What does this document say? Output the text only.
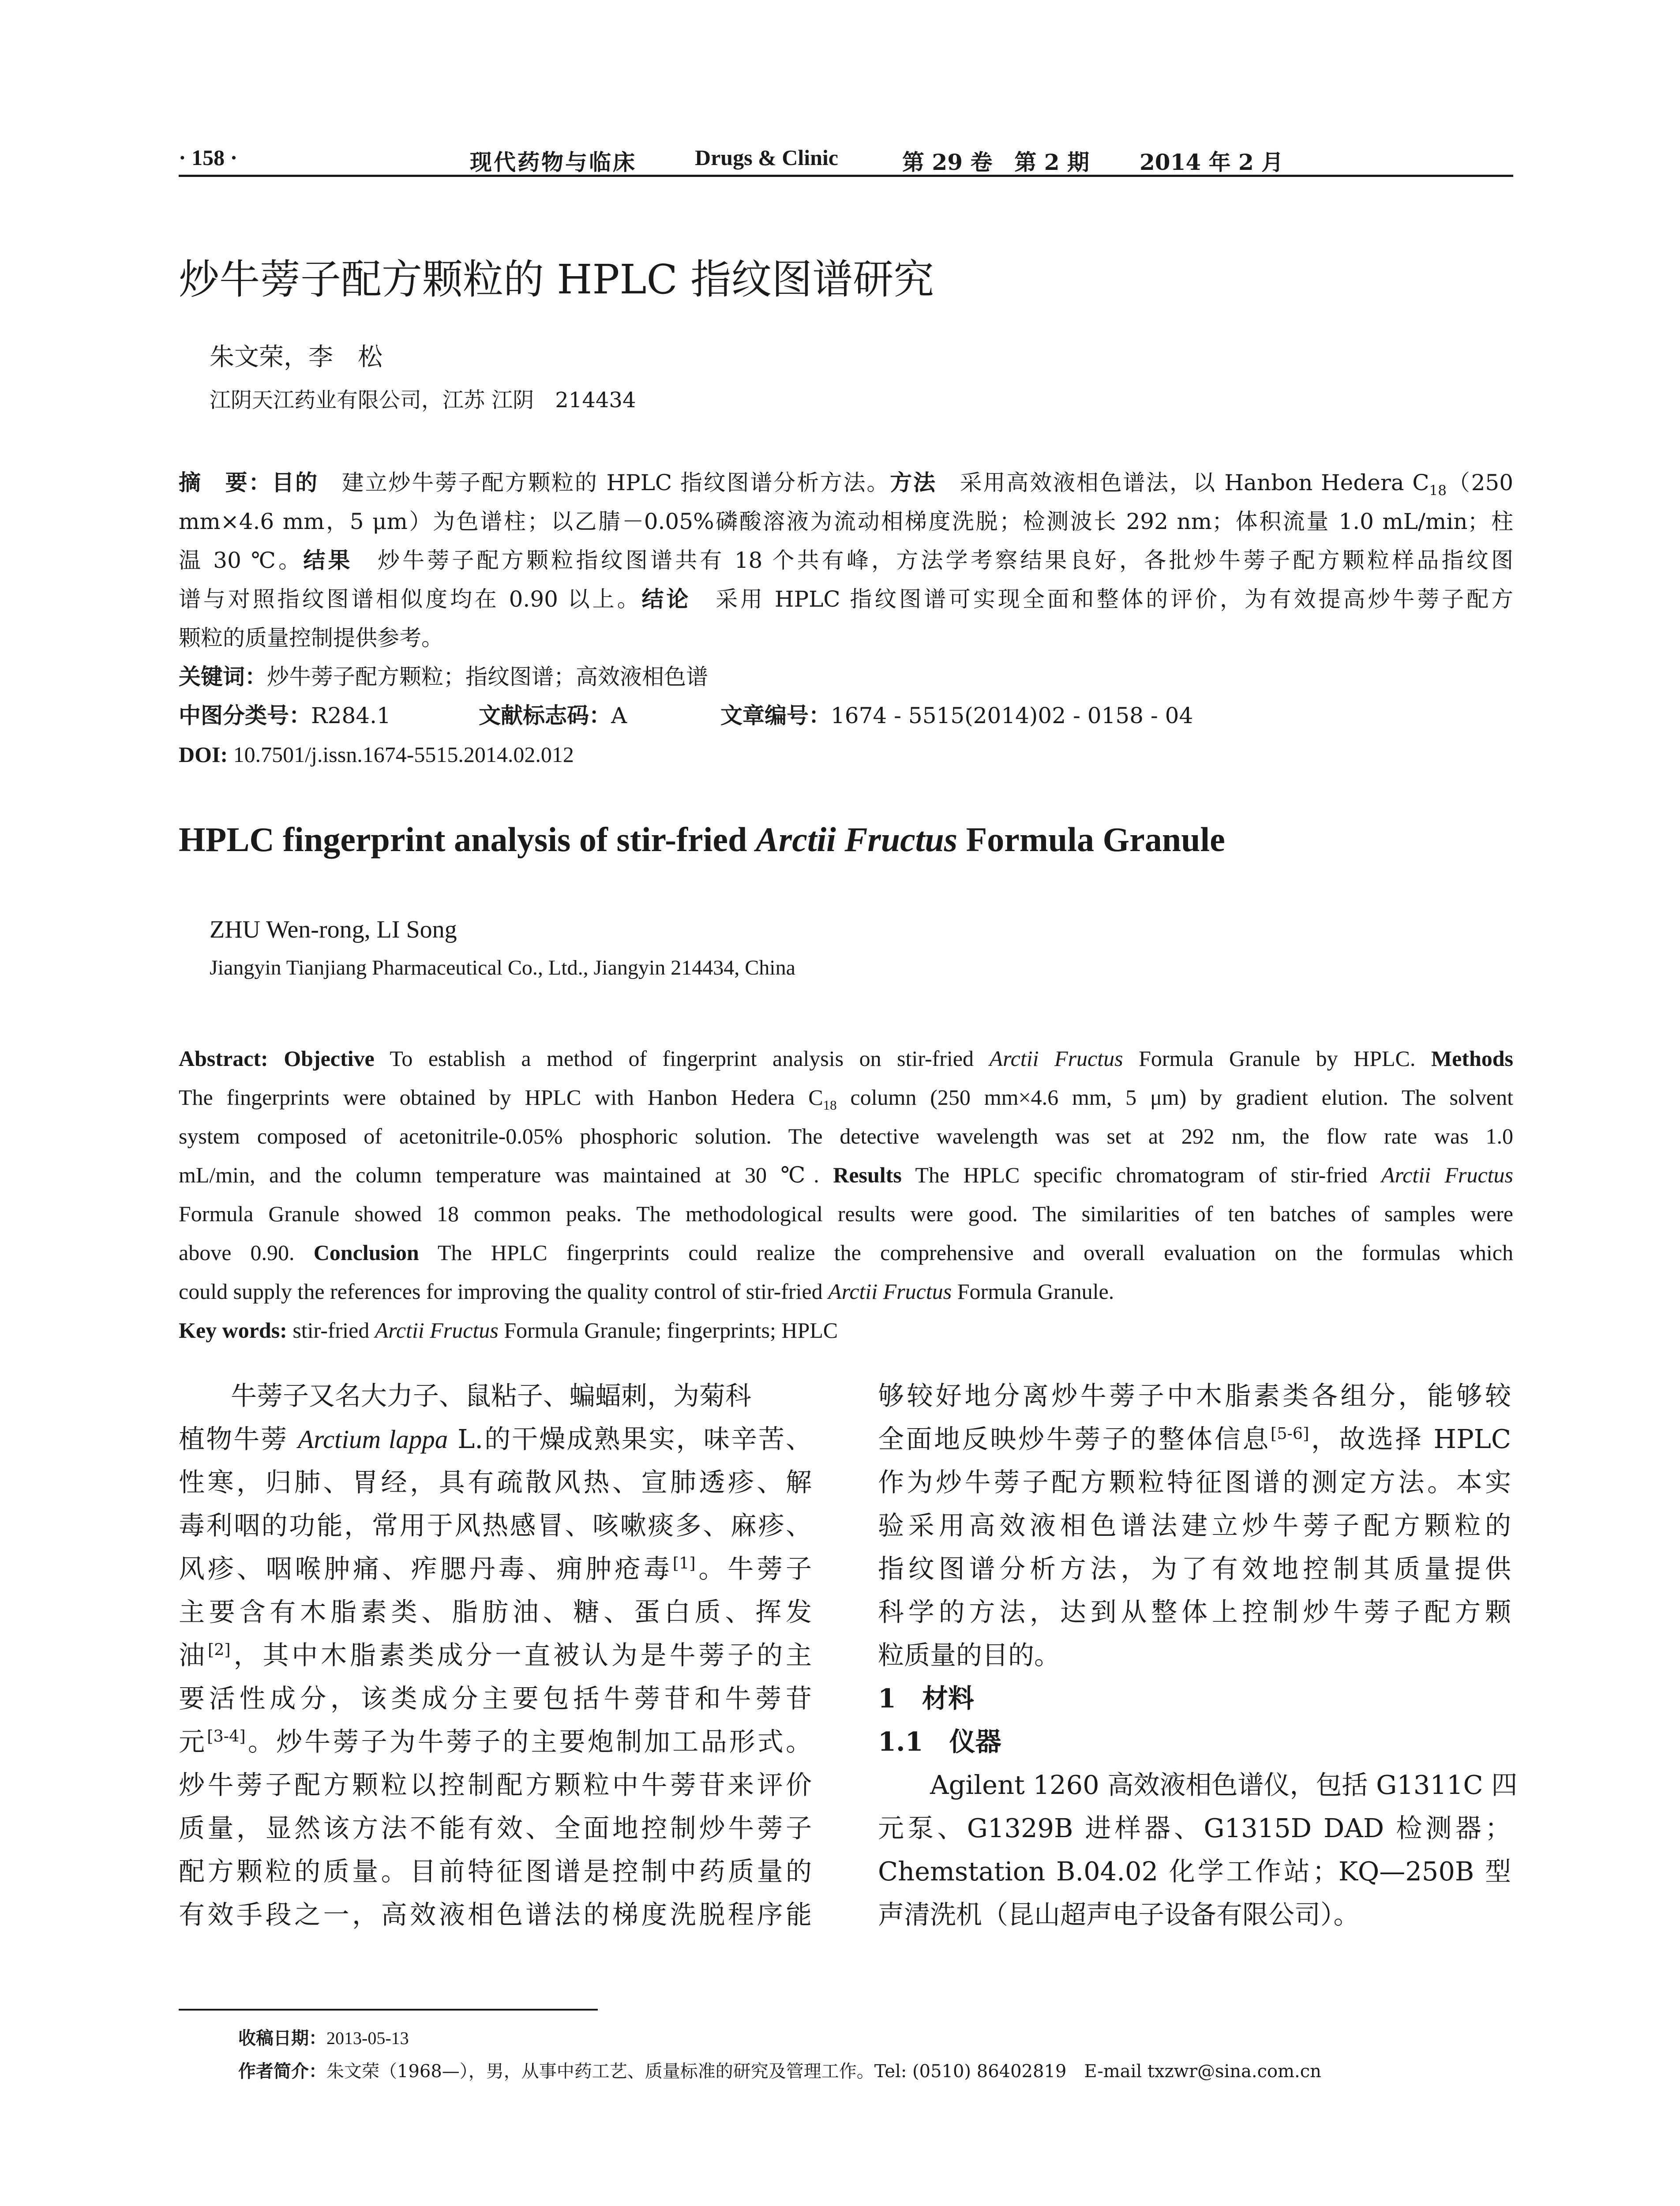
· 158 ·	现代药物与临床	Drugs & Clinic	第 29 卷　第 2 期 2014 年 2 月
炒牛蒡子配方颗粒的 HPLC 指纹图谱研究
朱文荣，李　松
江阴天江药业有限公司，江苏 江阴　214434
摘　要：目的　 建立炒牛蒡子配方颗粒的 HPLC 指纹图谱分析方法。方法　 采用高效液相色谱法，以 Hanbon Hedera $C_{18}(250$
mm×4.6 mm，5 μm）为色谱柱；以乙腈－0.05%磷酸溶液为流动相梯度洗脱；检测波长 292 nm；体积流量 1.0 mL/min；柱
温 30 ℃。结果　 炒牛蒡子配方颗粒指纹图谱共有 18 个共有峰，方法学考察结果良好，各批炒牛蒡子配方颗粒样品指纹图
谱与对照指纹图谱相似度均在 0.90 以上。结论　 采用 HPLC 指纹图谱可实现全面和整体的评价，为有效提高炒牛蒡子配方
颗粒的质量控制提供参考。
关键词：炒牛蒡子配方颗粒；指纹图谱；高效液相色谱
中图分类号：R284.1	文献标志码：A	文章编号：1674 - 5515(2014)02 - 0158 - 04
DOI: 10.7501/j.issn.1674-5515.2014.02.012
HPLC fingerprint analysis of stir-fried Arctii Fructus Formula Granule
ZHU Wen-rong, LI Song
Jiangyin Tianjiang Pharmaceutical Co., Ltd., Jiangyin 214434, China
Abstract: Objective To establish a method of fingerprint analysis on stir-fried Arctii Fructus Formula Granule by HPLC. Methods
The fingerprints were obtained by HPLC with Hanbon Hedera $C_{18}$ column (250 mm×4.6 mm, 5 μm) by gradient elution. The solvent
system composed of acetonitrile-0.05% phosphoric solution. The detective wavelength was set at 292 nm, the flow rate was 1.0
mL/min, and the column temperature was maintained at 30 ℃. Results The HPLC specific chromatogram of stir-fried Arctii Fructus
Formula Granule showed 18 common peaks. The methodological results were good. The similarities of ten batches of samples were
above 0.90. Conclusion The HPLC fingerprints could realize the comprehensive and overall evaluation on the formulas which
could supply the references for improving the quality control of stir-fried Arctii Fructus Formula Granule.
Key words: stir-fried Arctii Fructus Formula Granule; fingerprints; HPLC
　　牛蒡子又名大力子、鼠粘子、蝙蝠刺，为菊科
植物牛蒡 Arctium lappa L.的干燥成熟果实，味辛苦、
性寒，归肺、胃经，具有疏散风热、宣肺透疹、解
毒利咽的功能，常用于风热感冒、咳嗽痰多、麻疹、
风疹、咽喉肿痛、痄腮丹毒、痈肿疮毒[1]。牛蒡子
主要含有木脂素类、脂肪油、糖、蛋白质、挥发
油[2]，其中木脂素类成分一直被认为是牛蒡子的主
要活性成分，该类成分主要包括牛蒡苷和牛蒡苷
元[3-4]。炒牛蒡子为牛蒡子的主要炮制加工品形式。
炒牛蒡子配方颗粒以控制配方颗粒中牛蒡苷来评价
质量，显然该方法不能有效、全面地控制炒牛蒡子
配方颗粒的质量。目前特征图谱是控制中药质量的
有效手段之一，高效液相色谱法的梯度洗脱程序能
够较好地分离炒牛蒡子中木脂素类各组分，能够较
全面地反映炒牛蒡子的整体信息[5-6]，故选择 HPLC
作为炒牛蒡子配方颗粒特征图谱的测定方法。本实
验采用高效液相色谱法建立炒牛蒡子配方颗粒的
指纹图谱分析方法，为了有效地控制其质量提供
科学的方法，达到从整体上控制炒牛蒡子配方颗
粒质量的目的。
1　材料
1.1　仪器
　　Agilent 1260 高效液相色谱仪，包括 G1311C 四
元泵、G1329B 进样器、G1315D DAD 检测器；
Chemstation B.04.02 化学工作站；KQ—250B 型
声清洗机（昆山超声电子设备有限公司）。
收稿日期：2013-05-13
作者简介：朱文荣（1968—），男，从事中药工艺、质量标准的研究及管理工作。Tel: (0510) 86402819　E-mail txzwr@sina.com.cn
